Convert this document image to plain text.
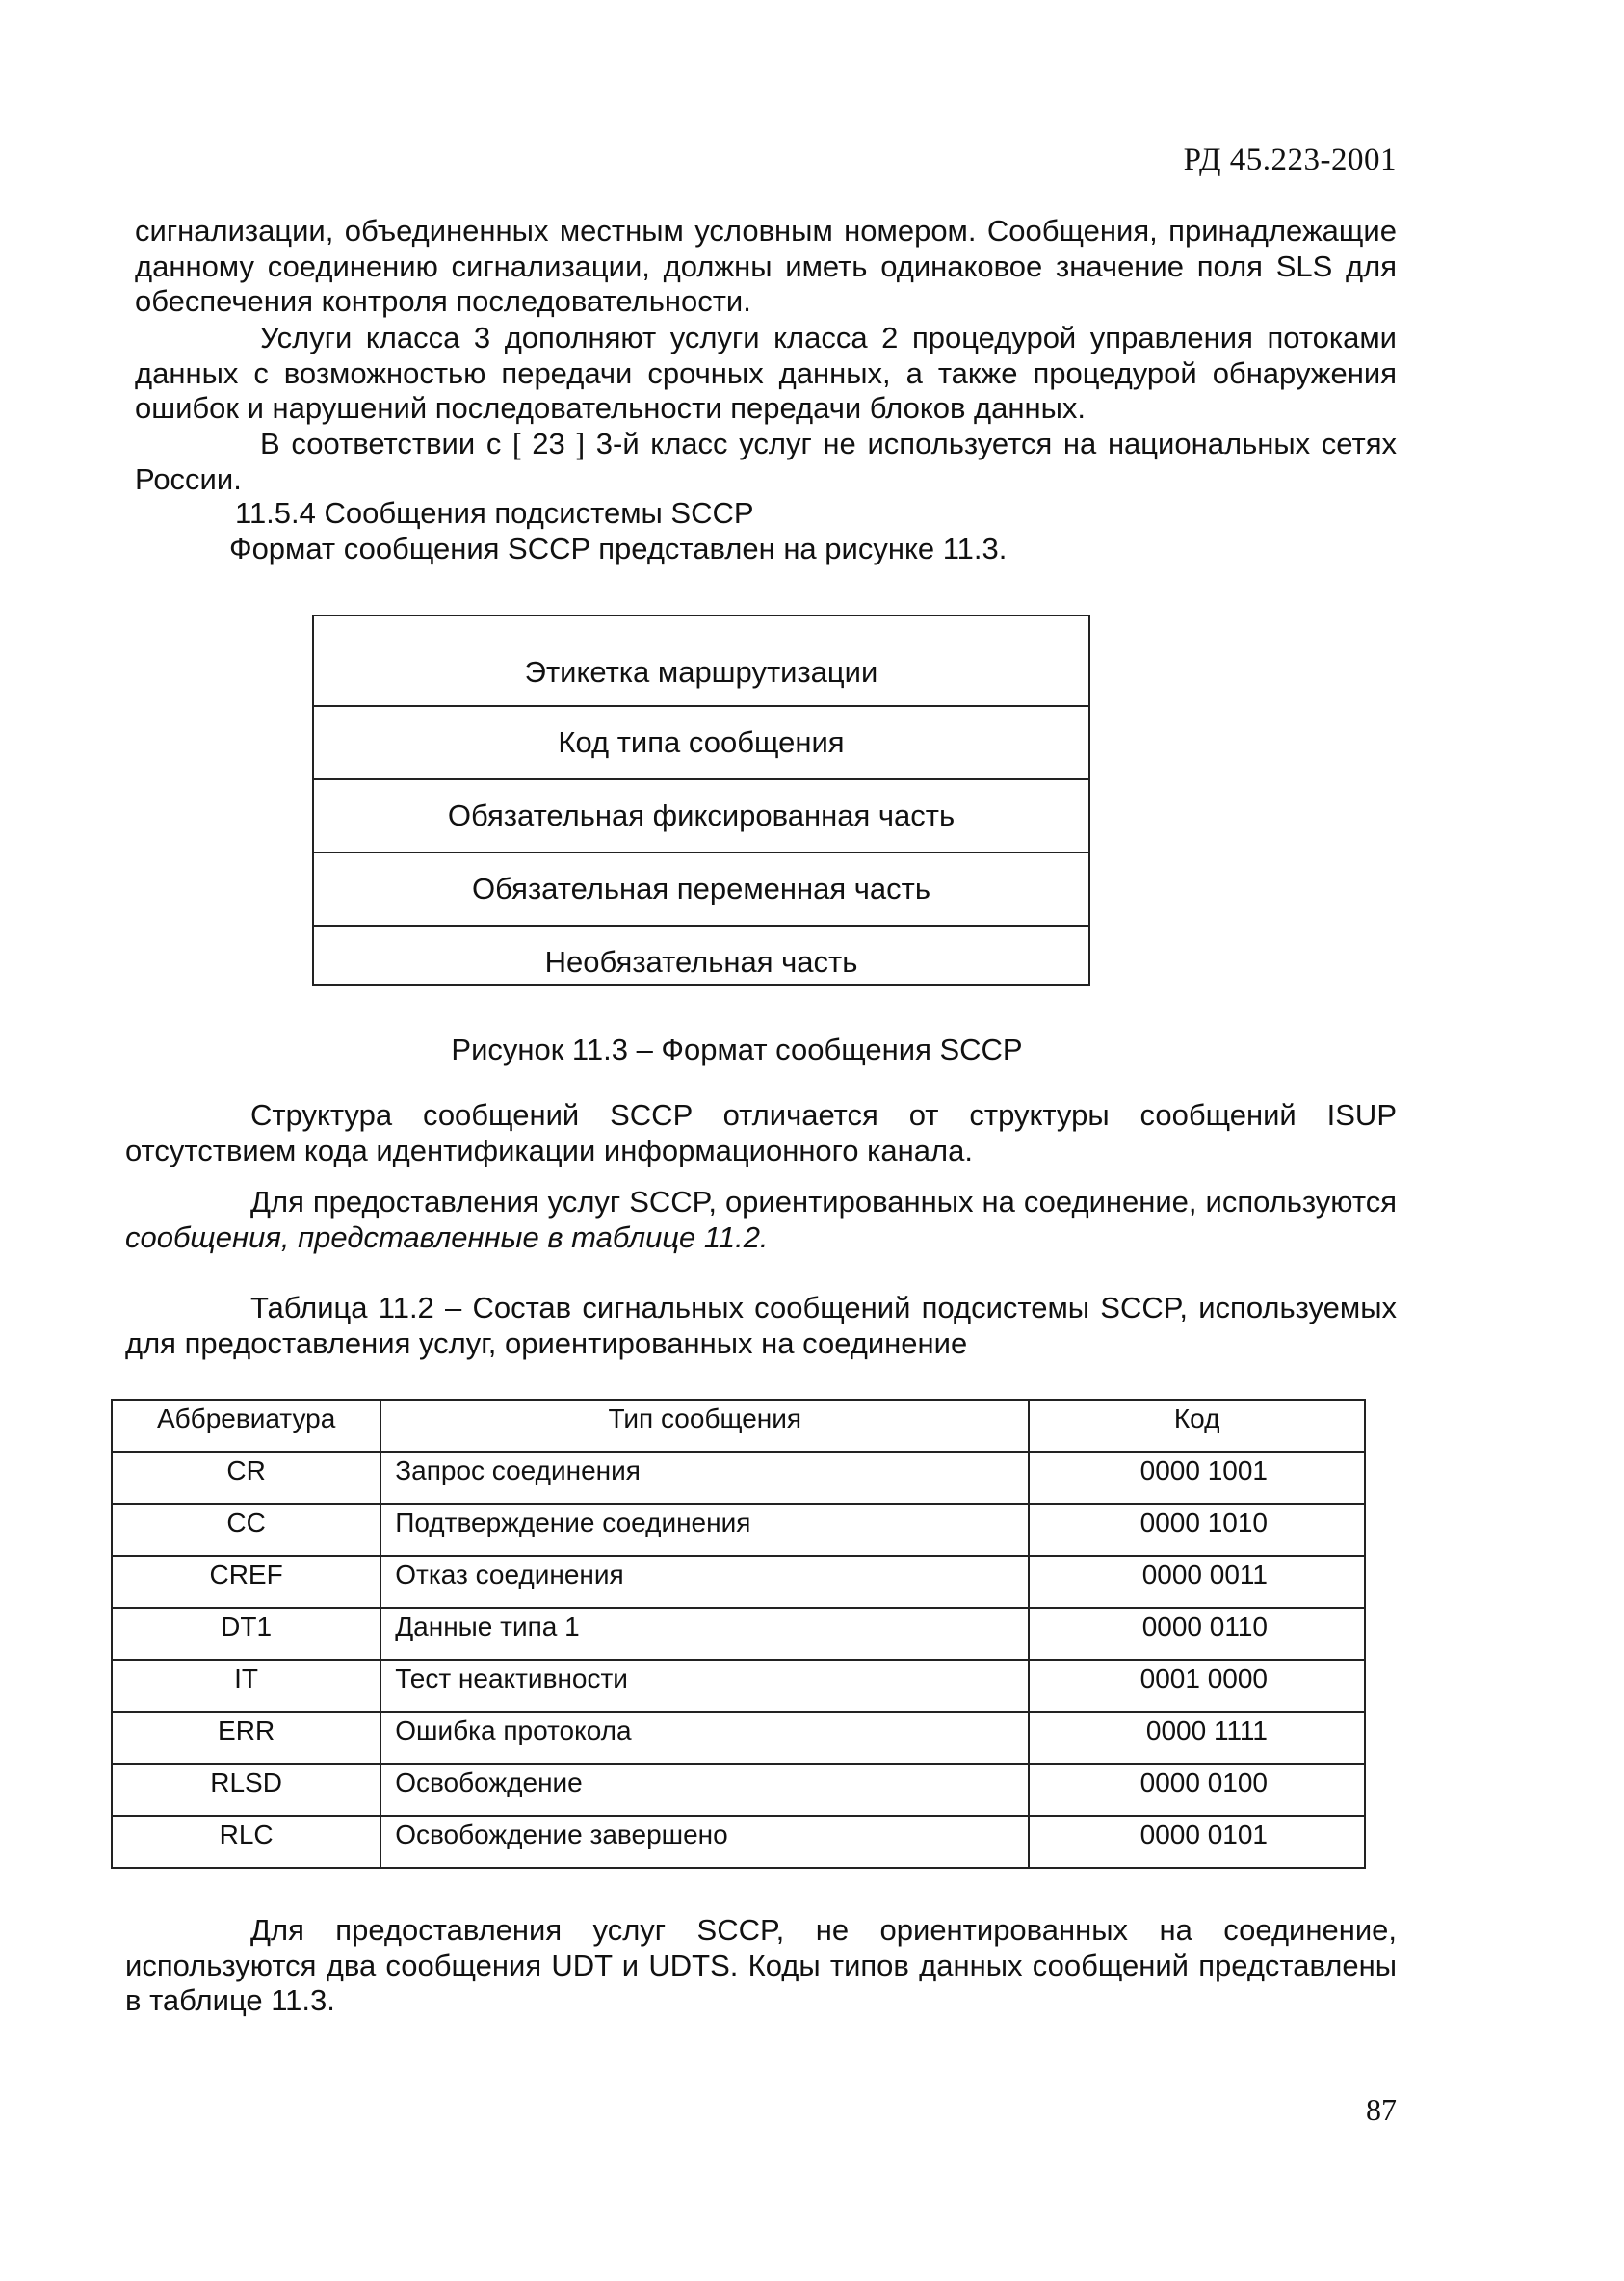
РД 45.223-2001

сигнализации, объединенных местным условным номером. Сообщения, принадлежащие данному соединению сигнализации, должны иметь одинаковое значение поля SLS для обеспечения контроля последовательности.

Услуги класса 3 дополняют услуги класса 2 процедурой управления потоками данных с возможностью передачи срочных данных, а также процедурой обнаружения ошибок и нарушений последовательности передачи блоков данных.

В соответствии с [ 23 ] 3-й класс услуг не используется на национальных сетях России.

11.5.4 Сообщения подсистемы SCCP

Формат сообщения SCCP представлен на рисунке 11.3.

Этикетка маршрутизации
Код типа сообщения
Обязательная фиксированная часть
Обязательная переменная часть
Необязательная часть
Рисунок 11.3 – Формат сообщения SCCP

Структура сообщений SCCP отличается от структуры сообщений ISUP отсутствием кода идентификации информационного канала.

Для предоставления услуг SCCP, ориентированных на соединение, используются сообщения, представленные в таблице 11.2.

Таблица 11.2 – Состав сигнальных сообщений подсистемы SCCP, используемых для предоставления услуг, ориентированных на соединение

Аббревиатура	Тип сообщения	Код
CR	Запрос соединения	0000 1001
CC	Подтверждение соединения	0000 1010
CREF	Отказ соединения	0000 0011
DT1	Данные типа 1	0000 0110
IT	Тест неактивности	0001 0000
ERR	Ошибка протокола	0000 1111
RLSD	Освобождение	0000 0100
RLC	Освобождение завершено	0000 0101

Для предоставления услуг SCCP, не ориентированных на соединение, используются два сообщения UDT и UDTS. Коды типов данных сообщений представлены в таблице 11.3.

87
